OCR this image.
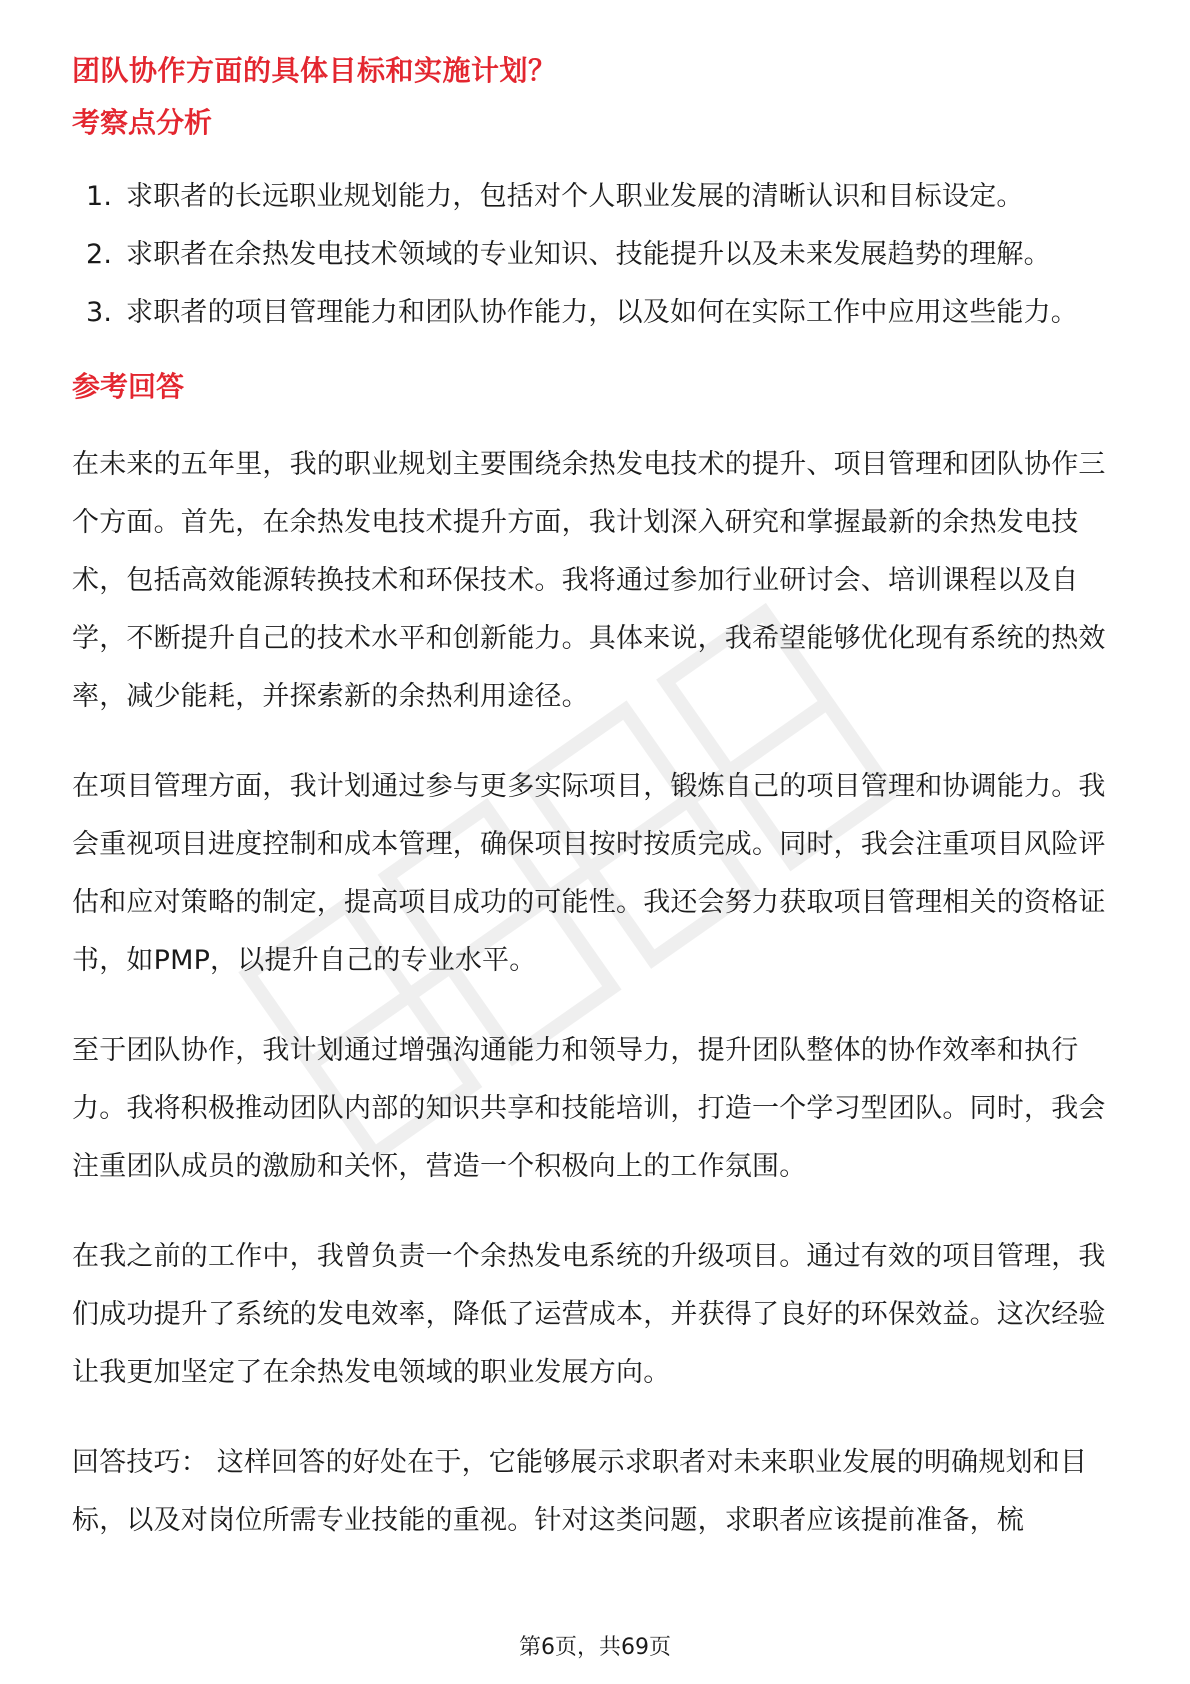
团队协作方面的具体目标和实施计划？
考察点分析
1. 求职者的长远职业规划能力，包括对个人职业发展的清晰认识和目标设定。
2. 求职者在余热发电技术领域的专业知识、技能提升以及未来发展趋势的理解。
3. 求职者的项目管理能力和团队协作能力，以及如何在实际工作中应用这些能力。
参考回答

在未来的五年里，我的职业规划主要围绕余热发电技术的提升、项目管理和团队协作三个方面。首先，在余热发电技术提升方面，我计划深入研究和掌握最新的余热发电技术，包括高效能源转换技术和环保技术。我将通过参加行业研讨会、培训课程以及自学，不断提升自己的技术水平和创新能力。具体来说，我希望能够优化现有系统的热效率，减少能耗，并探索新的余热利用途径。

在项目管理方面，我计划通过参与更多实际项目，锻炼自己的项目管理和协调能力。我会重视项目进度控制和成本管理，确保项目按时按质完成。同时，我会注重项目风险评估和应对策略的制定，提高项目成功的可能性。我还会努力获取项目管理相关的资格证书，如PMP，以提升自己的专业水平。

至于团队协作，我计划通过增强沟通能力和领导力，提升团队整体的协作效率和执行力。我将积极推动团队内部的知识共享和技能培训，打造一个学习型团队。同时，我会注重团队成员的激励和关怀，营造一个积极向上的工作氛围。

在我之前的工作中，我曾负责一个余热发电系统的升级项目。通过有效的项目管理，我们成功提升了系统的发电效率，降低了运营成本，并获得了良好的环保效益。这次经验让我更加坚定了在余热发电领域的职业发展方向。

回答技巧： 这样回答的好处在于，它能够展示求职者对未来职业发展的明确规划和目标，以及对岗位所需专业技能的重视。针对这类问题，求职者应该提前准备，梳

第6页，共69页
